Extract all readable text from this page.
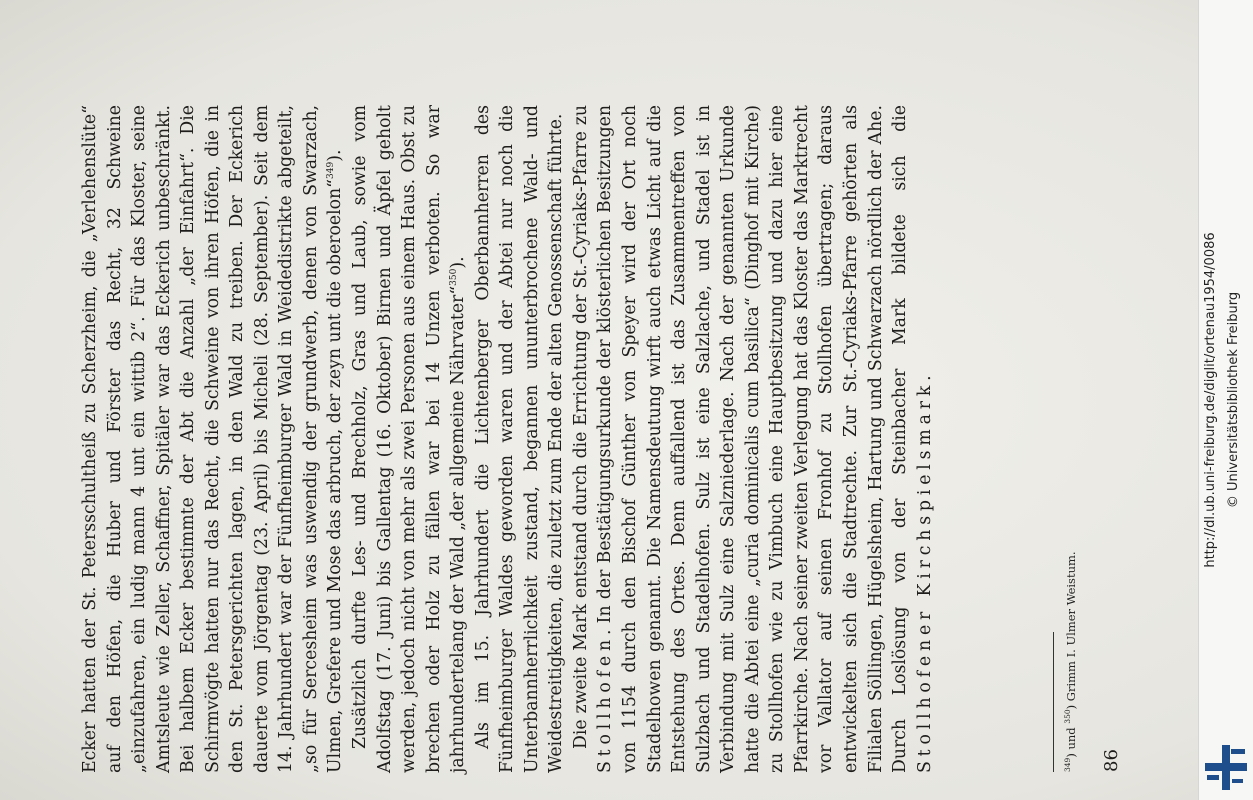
Ecker hatten der St. Petersschultheiß zu Scherzheim, die „Verlehenslüte“ auf den Höfen, die Huber und Förster das Recht, 32 Schweine „einzufahren, ein ludig mann 4 unt ein wittib 2“. Für das Kloster, seine Amtsleute wie Zeller, Schaffner, Spitäler war das Eckerich unbeschränkt. Bei halbem Ecker bestimmte der Abt die Anzahl „der Einfahrt“. Die Schirmvögte hatten nur das Recht, die Schweine von ihren Höfen, die in den St. Petersgerichten lagen, in den Wald zu treiben. Der Eckerich dauerte vom Jörgentag (23. April) bis Micheli (28. September). Seit dem 14. Jahrhundert war der Fünfheimburger Wald in Weidedistrikte abgeteilt, „so für Sercesheim was uswendig der grundwerb, denen von Swarzach, Ulmen, Grefere und Mose das arbruch, der zeyn unt die oberoelon“$^{349}$). Zusätzlich durfte Les- und Brechholz, Gras und Laub, sowie vom Adolfstag (17. Juni) bis Gallentag (16. Oktober) Birnen und Äpfel geholt werden, jedoch nicht von mehr als zwei Personen aus einem Haus. Obst zu brechen oder Holz zu fällen war bei 14 Unzen verboten. So war jahrhundertelang der Wald „der allgemeine Nährvater“$^{350}$). Als im 15. Jahrhundert die Lichtenberger Oberbannherren des Fünfheimburger Waldes geworden waren und der Abtei nur noch die Unterbannherrlichkeit zustand, begannen ununterbrochene Wald- und Weidestreitigkeiten, die zuletzt zum Ende der alten Genossenschaft führte. Die zweite Mark entstand durch die Errichtung der St.-Cyriaks-Pfarre zu Stollhofen. In der Bestätigungsurkunde der klösterlichen Besitzungen von 1154 durch den Bischof Günther von Speyer wird der Ort noch Stadelhowen genannt. Die Namensdeutung wirft auch etwas Licht auf die Entstehung des Ortes. Denn auffallend ist das Zusammentreffen von Sulzbach und Stadelhofen. Sulz ist eine Salzlache, und Stadel ist in Verbindung mit Sulz eine Salzniederlage. Nach der genannten Urkunde hatte die Abtei eine „curia dominicalis cum basilica“ (Dinghof mit Kirche) zu Stollhofen wie zu Vimbuch eine Hauptbesitzung und dazu hier eine Pfarrkirche. Nach seiner zweiten Verlegung hat das Kloster das Marktrecht vor Vallator auf seinen Fronhof zu Stollhofen übertragen; daraus entwickelten sich die Stadtrechte. Zur St.-Cyriaks-Pfarre gehörten als Filialen Söllingen, Hügelsheim, Hartung und Schwarzach nördlich der Ahe. Durch Loslösung von der Steinbacher Mark bildete sich die Stollhofener Kirchspielsmark.

$^{349}$) und $^{350}$) Grimm I. Ulmer Weistum.
86
http://dl.ub.uni-freiburg.de/diglit/ortenau1954/0086 © Universitätsbibliothek Freiburg
